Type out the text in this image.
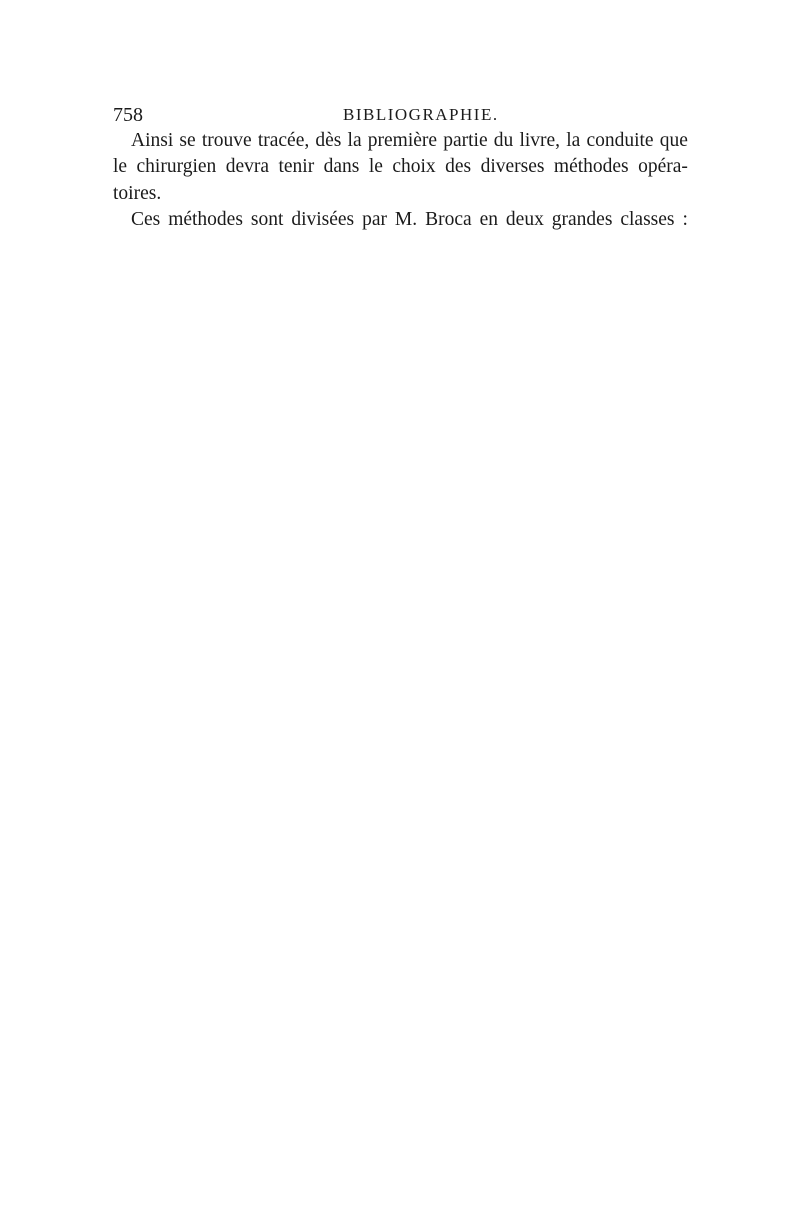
758	BIBLIOGRAPHIE.
Ainsi se trouve tracée, dès la première partie du livre, la conduite que
le chirurgien devra tenir dans le choix des diverses méthodes opéra-
toires.
Ces méthodes sont divisées par M. Broca en deux grandes classes :
